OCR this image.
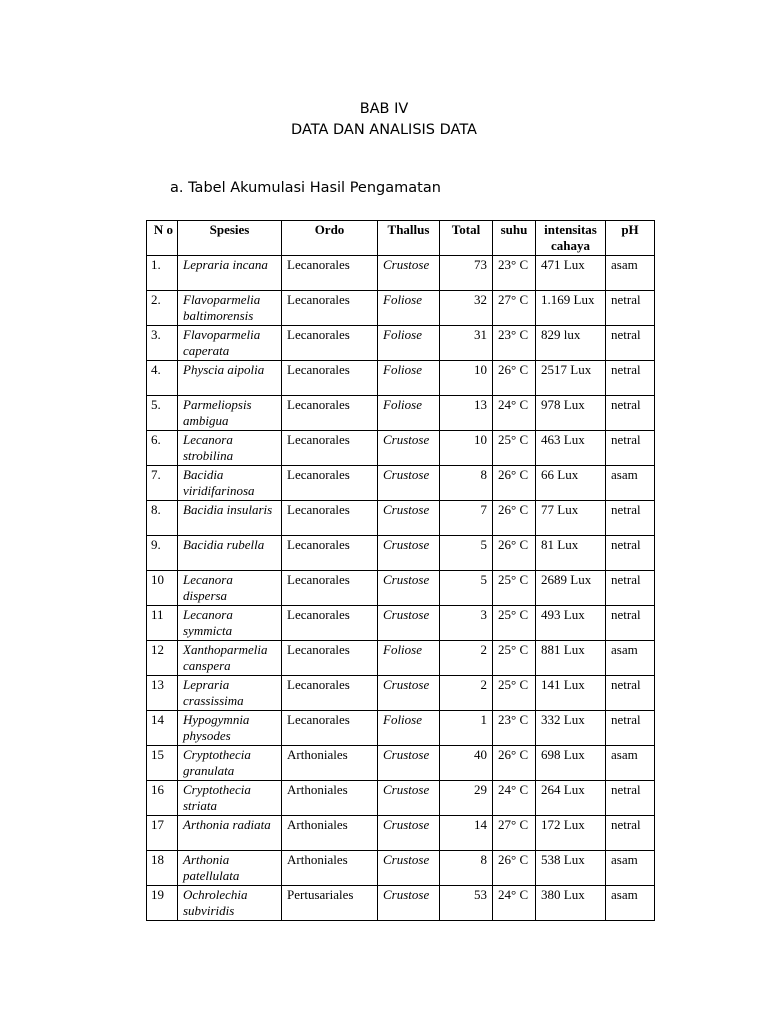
BAB IV
DATA DAN ANALISIS DATA
a. Tabel Akumulasi Hasil Pengamatan
N o	Spesies	Ordo	Thallus	Total	suhu	intensitas cahaya	pH
1.	Lepraria incana	Lecanorales	Crustose	73	23° C	471 Lux	asam
2.	Flavoparmelia baltimorensis	Lecanorales	Foliose	32	27° C	1.169 Lux	netral
3.	Flavoparmelia caperata	Lecanorales	Foliose	31	23° C	829 lux	netral
4.	Physcia aipolia	Lecanorales	Foliose	10	26° C	2517 Lux	netral
5.	Parmeliopsis ambigua	Lecanorales	Foliose	13	24° C	978 Lux	netral
6.	Lecanora strobilina	Lecanorales	Crustose	10	25° C	463 Lux	netral
7.	Bacidia viridifarinosa	Lecanorales	Crustose	8	26° C	66 Lux	asam
8.	Bacidia insularis	Lecanorales	Crustose	7	26° C	77 Lux	netral
9.	Bacidia rubella	Lecanorales	Crustose	5	26° C	81 Lux	netral
10	Lecanora dispersa	Lecanorales	Crustose	5	25° C	2689 Lux	netral
11	Lecanora symmicta	Lecanorales	Crustose	3	25° C	493 Lux	netral
12	Xanthoparmelia canspera	Lecanorales	Foliose	2	25° C	881 Lux	asam
13	Lepraria crassissima	Lecanorales	Crustose	2	25° C	141 Lux	netral
14	Hypogymnia physodes	Lecanorales	Foliose	1	23° C	332 Lux	netral
15	Cryptothecia granulata	Arthoniales	Crustose	40	26° C	698 Lux	asam
16	Cryptothecia striata	Arthoniales	Crustose	29	24° C	264 Lux	netral
17	Arthonia radiata	Arthoniales	Crustose	14	27° C	172 Lux	netral
18	Arthonia patellulata	Arthoniales	Crustose	8	26° C	538 Lux	asam
19	Ochrolechia subviridis	Pertusariales	Crustose	53	24° C	380 Lux	asam
